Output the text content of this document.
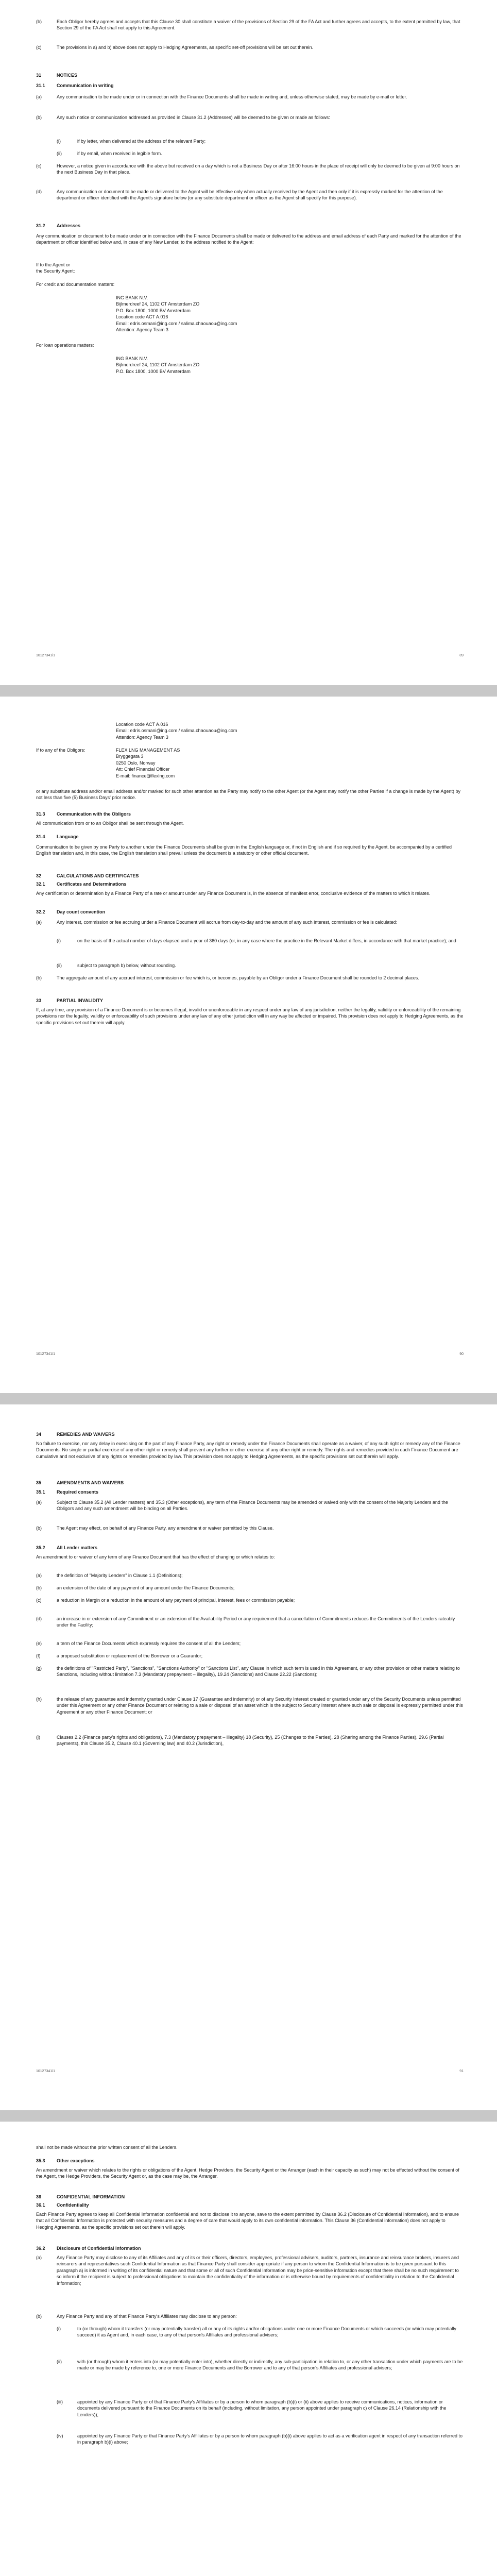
(b)	Each Obligor hereby agrees and accepts that this Clause 30 shall constitute a waiver of the provisions of Section 29 of the FA Act and further agrees and accepts, to the extent permitted by law, that Section 29 of the FA Act shall not apply to this Agreement.
(c)	The provisions in a) and b) above does not apply to Hedging Agreements, as specific set-off provisions will be set out therein.
31	NOTICES
31.1 Communication in writing
(a)	Any communication to be made under or in connection with the Finance Documents shall be made in writing and, unless otherwise stated, may be made by e-mail or letter.
(b)	Any such notice or communication addressed as provided in Clause 31.2 (Addresses) will be deemed to be given or made as follows:
(i)	if by letter, when delivered at the address of the relevant Party;
(ii)	if by email, when received in legible form.
(c)	However, a notice given in accordance with the above but received on a day which is not a Business Day or after 16:00 hours in the place of receipt will only be deemed to be given at 9:00 hours on the next Business Day in that place.
(d)	Any communication or document to be made or delivered to the Agent will be effective only when actually received by the Agent and then only if it is expressly marked for the attention of the department or officer identified with the Agent's signature below (or any substitute department or officer as the Agent shall specify for this purpose).
31.2 Addresses
Any communication or document to be made under or in connection with the Finance Documents shall be made or delivered to the address and email address of each Party and marked for the attention of the department or officer identified below and, in case of any New Lender, to the address notified to the Agent:
If to the Agent or
the Security Agent:
For credit and documentation matters:
ING BANK N.V.
Bijlmerdreef 24, 1102 CT Amsterdam ZO
P.O. Box 1800, 1000 BV Amsterdam
Location code ACT A.016
Email: edris.osmani@ing.com / salima.chaouaou@ing.com
Attention: Agency Team 3
For loan operations matters:
ING BANK N.V.
Bijlmerdreef 24, 1102 CT Amsterdam ZO
P.O. Box 1800, 1000 BV Amsterdam
10127341/1	89
Location code ACT A.016
Email: edris.osmani@ing.com / salima.chaouaou@ing.com
Attention: Agency Team 3
If to any of the Obligors:	FLEX LNG MANAGEMENT AS
Bryggegata 3
0250 Oslo, Norway
Att: Chief Financial Officer
E-mail: finance@flexlng.com
or any substitute address and/or email address and/or marked for such other attention as the Party may notify to the other Agent (or the Agent may notify the other Parties if a change is made by the Agent) by not less than five (5) Business Days' prior notice.
31.3 Communication with the Obligors
All communication from or to an Obligor shall be sent through the Agent.
31.4 Language
Communication to be given by one Party to another under the Finance Documents shall be given in the English language or, if not in English and if so required by the Agent, be accompanied by a certified English translation and, in this case, the English translation shall prevail unless the document is a statutory or other official document.
32	CALCULATIONS AND CERTIFICATES
32.1 Certificates and Determinations
Any certification or determination by a Finance Party of a rate or amount under any Finance Document is, in the absence of manifest error, conclusive evidence of the matters to which it relates.
32.2 Day count convention
(a)	Any interest, commission or fee accruing under a Finance Document will accrue from day-to-day and the amount of any such interest, commission or fee is calculated:
(i)	on the basis of the actual number of days elapsed and a year of 360 days (or, in any case where the practice in the Relevant Market differs, in accordance with that market practice); and
(ii)	subject to paragraph b) below, without rounding.
(b)	The aggregate amount of any accrued interest, commission or fee which is, or becomes, payable by an Obligor under a Finance Document shall be rounded to 2 decimal places.
33	PARTIAL INVALIDITY
If, at any time, any provision of a Finance Document is or becomes illegal, invalid or unenforceable in any respect under any law of any jurisdiction, neither the legality, validity or enforceability of the remaining provisions nor the legality, validity or enforceability of such provisions under any law of any other jurisdiction will in any way be affected or impaired. This provision does not apply to Hedging Agreements, as the specific provisions set out therein will apply.
10127341/1	90
34	REMEDIES AND WAIVERS
No failure to exercise, nor any delay in exercising on the part of any Finance Party, any right or remedy under the Finance Documents shall operate as a waiver, of any such right or remedy any of the Finance Documents. No single or partial exercise of any other right or remedy shall prevent any further or other exercise of any other right or remedy. The rights and remedies provided in each Finance Document are cumulative and not exclusive of any rights or remedies provided by law. This provision does not apply to Hedging Agreements, as the specific provisions set out therein will apply.
35	AMENDMENTS AND WAIVERS
35.1 Required consents
(a)	Subject to Clause 35.2 (All Lender matters) and 35.3 (Other exceptions), any term of the Finance Documents may be amended or waived only with the consent of the Majority Lenders and the Obligors and any such amendment will be binding on all Parties.
(b)	The Agent may effect, on behalf of any Finance Party, any amendment or waiver permitted by this Clause.
35.2 All Lender matters
An amendment to or waiver of any term of any Finance Document that has the effect of changing or which relates to:
(a)	the definition of "Majority Lenders" in Clause 1.1 (Definitions);
(b)	an extension of the date of any payment of any amount under the Finance Documents;
(c)	a reduction in Margin or a reduction in the amount of any payment of principal, interest, fees or commission payable;
(d)	an increase in or extension of any Commitment or an extension of the Availability Period or any requirement that a cancellation of Commitments reduces the Commitments of the Lenders rateably under the Facility;
(e)	a term of the Finance Documents which expressly requires the consent of all the Lenders;
(f)	a proposed substitution or replacement of the Borrower or a Guarantor;
(g)	the definitions of "Restricted Party", "Sanctions", "Sanctions Authority" or "Sanctions List", any Clause in which such term is used in this Agreement, or any other provision or other matters relating to Sanctions, including without limitation 7.3 (Mandatory prepayment – illegality), 19.24 (Sanctions) and Clause 22.22 (Sanctions);
(h)	the release of any guarantee and indemnity granted under Clause 17 (Guarantee and indemnity) or of any Security Interest created or granted under any of the Security Documents unless permitted under this Agreement or any other Finance Document or relating to a sale or disposal of an asset which is the subject to Security Interest where such sale or disposal is expressly permitted under this Agreement or any other Finance Document; or
(i)	Clauses 2.2 (Finance party's rights and obligations), 7.3 (Mandatory prepayment – illegality) 18 (Security), 25 (Changes to the Parties), 28 (Sharing among the Finance Parties), 29.6 (Partial payments), this Clause 35.2, Clause 40.1 (Governing law) and 40.2 (Jurisdiction),
10127341/1	91
shall not be made without the prior written consent of all the Lenders.
35.3 Other exceptions
An amendment or waiver which relates to the rights or obligations of the Agent, Hedge Providers, the Security Agent or the Arranger (each in their capacity as such) may not be effected without the consent of the Agent, the Hedge Providers, the Security Agent or, as the case may be, the Arranger.
36	CONFIDENTIAL INFORMATION
36.1 Confidentiality
Each Finance Party agrees to keep all Confidential Information confidential and not to disclose it to anyone, save to the extent permitted by Clause 36.2 (Disclosure of Confidential Information), and to ensure that all Confidential Information is protected with security measures and a degree of care that would apply to its own confidential information. This Clause 36 (Confidential information) does not apply to Hedging Agreements, as the specific provisions set out therein will apply.
36.2 Disclosure of Confidential Information
(a)	Any Finance Party may disclose to any of its Affiliates and any of its or their officers, directors, employees, professional advisers, auditors, partners, insurance and reinsurance brokers, insurers and reinsurers and representatives such Confidential Information as that Finance Party shall consider appropriate if any person to whom the Confidential Information is to be given pursuant to this paragraph a) is informed in writing of its confidential nature and that some or all of such Confidential Information may be price-sensitive information except that there shall be no such requirement to so inform if the recipient is subject to professional obligations to maintain the confidentiality of the information or is otherwise bound by requirements of confidentiality in relation to the Confidential Information;
(b)	Any Finance Party and any of that Finance Party's Affiliates may disclose to any person:
(i)	to (or through) whom it transfers (or may potentially transfer) all or any of its rights and/or obligations under one or more Finance Documents or which succeeds (or which may potentially succeed) it as Agent and, in each case, to any of that person's Affiliates and professional advisers;
(ii)	with (or through) whom it enters into (or may potentially enter into), whether directly or indirectly, any sub-participation in relation to, or any other transaction under which payments are to be made or may be made by reference to, one or more Finance Documents and the Borrower and to any of that person's Affiliates and professional advisers;
(iii)	appointed by any Finance Party or of that Finance Party's Affiliates or by a person to whom paragraph (b)(i) or (ii) above applies to receive communications, notices, information or documents delivered pursuant to the Finance Documents on its behalf (including, without limitation, any person appointed under paragraph c) of Clause 26.14 (Relationship with the Lenders));
(iv)	appointed by any Finance Party or that Finance Party's Affiliates or by a person to whom paragraph (b)(i) above applies to act as a verification agent in respect of any transaction referred to in paragraph b)(i) above;
